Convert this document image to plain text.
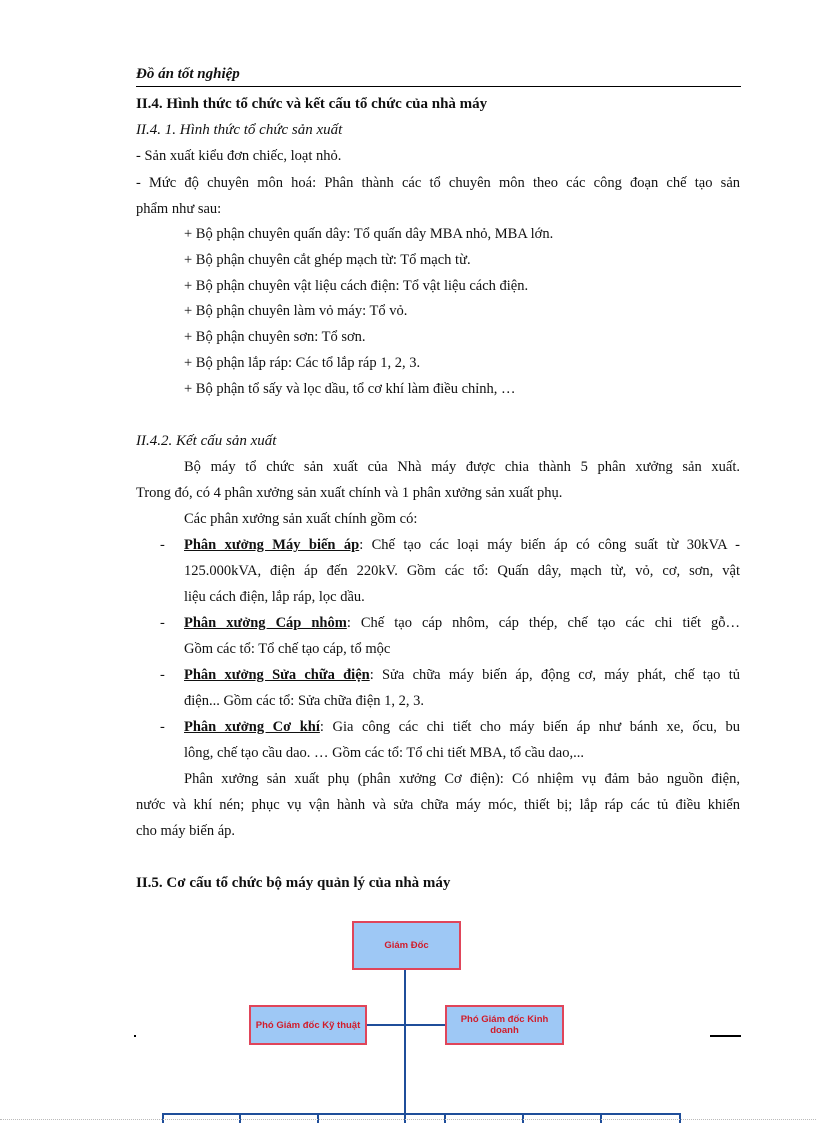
Đồ án tốt nghiệp
II.4. Hình thức tổ chức và kết cấu tổ chức của nhà máy
II.4. 1. Hình thức tổ chức sản xuất
- Sản xuất kiểu đơn chiếc, loạt nhỏ.
- Mức độ chuyên môn hoá: Phân thành các tổ chuyên môn theo các công đoạn chế tạo sản
phẩm như sau:
+ Bộ phận chuyên quấn dây: Tổ quấn dây MBA nhỏ, MBA lớn.
+ Bộ phận chuyên cắt ghép mạch từ: Tổ mạch từ.
+ Bộ phận chuyên vật liệu cách điện: Tổ vật liệu cách điện.
+ Bộ phận chuyên làm vỏ máy: Tổ vỏ.
+ Bộ phận chuyên sơn: Tổ sơn.
+ Bộ phận lắp ráp: Các tổ lắp ráp 1, 2, 3.
+ Bộ phận tổ sấy và lọc dầu, tổ cơ khí làm điều chỉnh, …
II.4.2. Kết cấu sản xuất
Bộ máy tổ chức sản xuất của Nhà máy được chia thành 5 phân xưởng sản xuất.
Trong đó, có 4 phân xưởng sản xuất chính và 1 phân xưởng sản xuất phụ.
Các phân xưởng sản xuất chính gồm có:
- Phân xưởng Máy biến áp: Chế tạo các loại máy biến áp có công suất từ 30kVA -
125.000kVA, điện áp đến 220kV. Gồm các tổ: Quấn dây, mạch từ, vỏ, cơ, sơn, vật
liệu cách điện, lắp ráp, lọc dầu.
- Phân xưởng Cáp nhôm: Chế tạo cáp nhôm, cáp thép, chế tạo các chi tiết gỗ…
Gồm các tổ: Tổ chế tạo cáp, tổ mộc
- Phân xưởng Sửa chữa điện: Sửa chữa máy biến áp, động cơ, máy phát, chế tạo tủ
điện... Gồm các tổ: Sửa chữa điện 1, 2, 3.
- Phân xưởng Cơ khí: Gia công các chi tiết cho máy biến áp như bánh xe, ốcu, bu
lông, chế tạo cầu dao. … Gồm các tổ: Tổ chi tiết MBA, tổ cầu dao,...
Phân xưởng sản xuất phụ (phân xưởng Cơ điện): Có nhiệm vụ đảm bảo nguồn điện,
nước và khí nén; phục vụ vận hành và sửa chữa máy móc, thiết bị; lắp ráp các tủ điều khiển
cho máy biến áp.
II.5. Cơ cấu tổ chức bộ máy quản lý của nhà máy
Giám Đốc
Phó Giám đốc Kỹ thuật	Phó Giám đốc Kinh doanh
